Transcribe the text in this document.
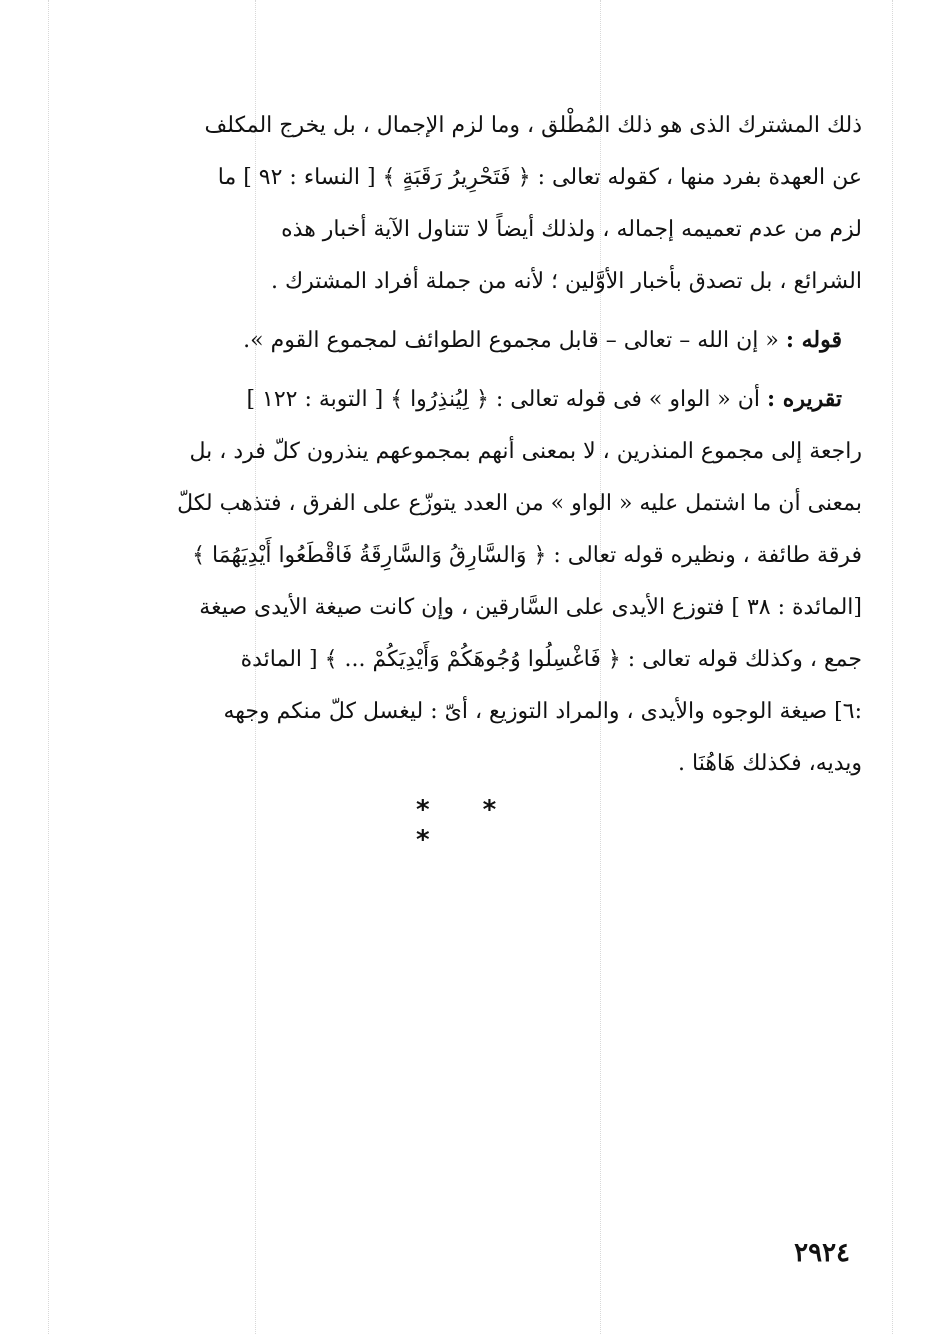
ذلك المشترك الذى هو ذلك المُطْلق ، وما لزم الإجمال ، بل يخرج المكلف
عن العهدة بفرد منها ، كقوله تعالى : ﴿ فَتَحْرِيرُ رَقَبَةٍ ﴾ [ النساء : ٩٢ ] ما
لزم من عدم تعميمه إجماله ، ولذلك أيضاً لا تتناول الآية أخبار هذه
الشرائع ، بل تصدق بأخبار الأوَّلين ؛ لأنه من جملة أفراد المشترك .
قوله : « إن الله – تعالى – قابل مجموع الطوائف لمجموع القوم ».
تقريره : أن « الواو » فى قوله تعالى : ﴿ لِيُنذِرُوا ﴾ [ التوبة : ١٢٢ ]
راجعة إلى مجموع المنذرين ، لا بمعنى أنهم بمجموعهم ينذرون كلّ فرد ، بل
بمعنى أن ما اشتمل عليه « الواو » من العدد يتوزّع على الفرق ، فتذهب لكلّ
فرقة طائفة ، ونظيره قوله تعالى : ﴿ وَالسَّارِقُ وَالسَّارِقَةُ فَاقْطَعُوا أَيْدِيَهُمَا ﴾
[المائدة : ٣٨ ] فتوزع الأيدى على السَّارقين ، وإن كانت صيغة الأيدى صيغة
جمع ، وكذلك قوله تعالى : ﴿ فَاغْسِلُوا وُجُوهَكُمْ وَأَيْدِيَكُمْ ... ﴾ [ المائدة
:٦] صيغة الوجوه والأيدى ، والمراد التوزيع ، أىّ : ليغسل كلّ منكم وجهه
ويديه، فكذلك هَاهُنَا .
* * *
٢٩٢٤
